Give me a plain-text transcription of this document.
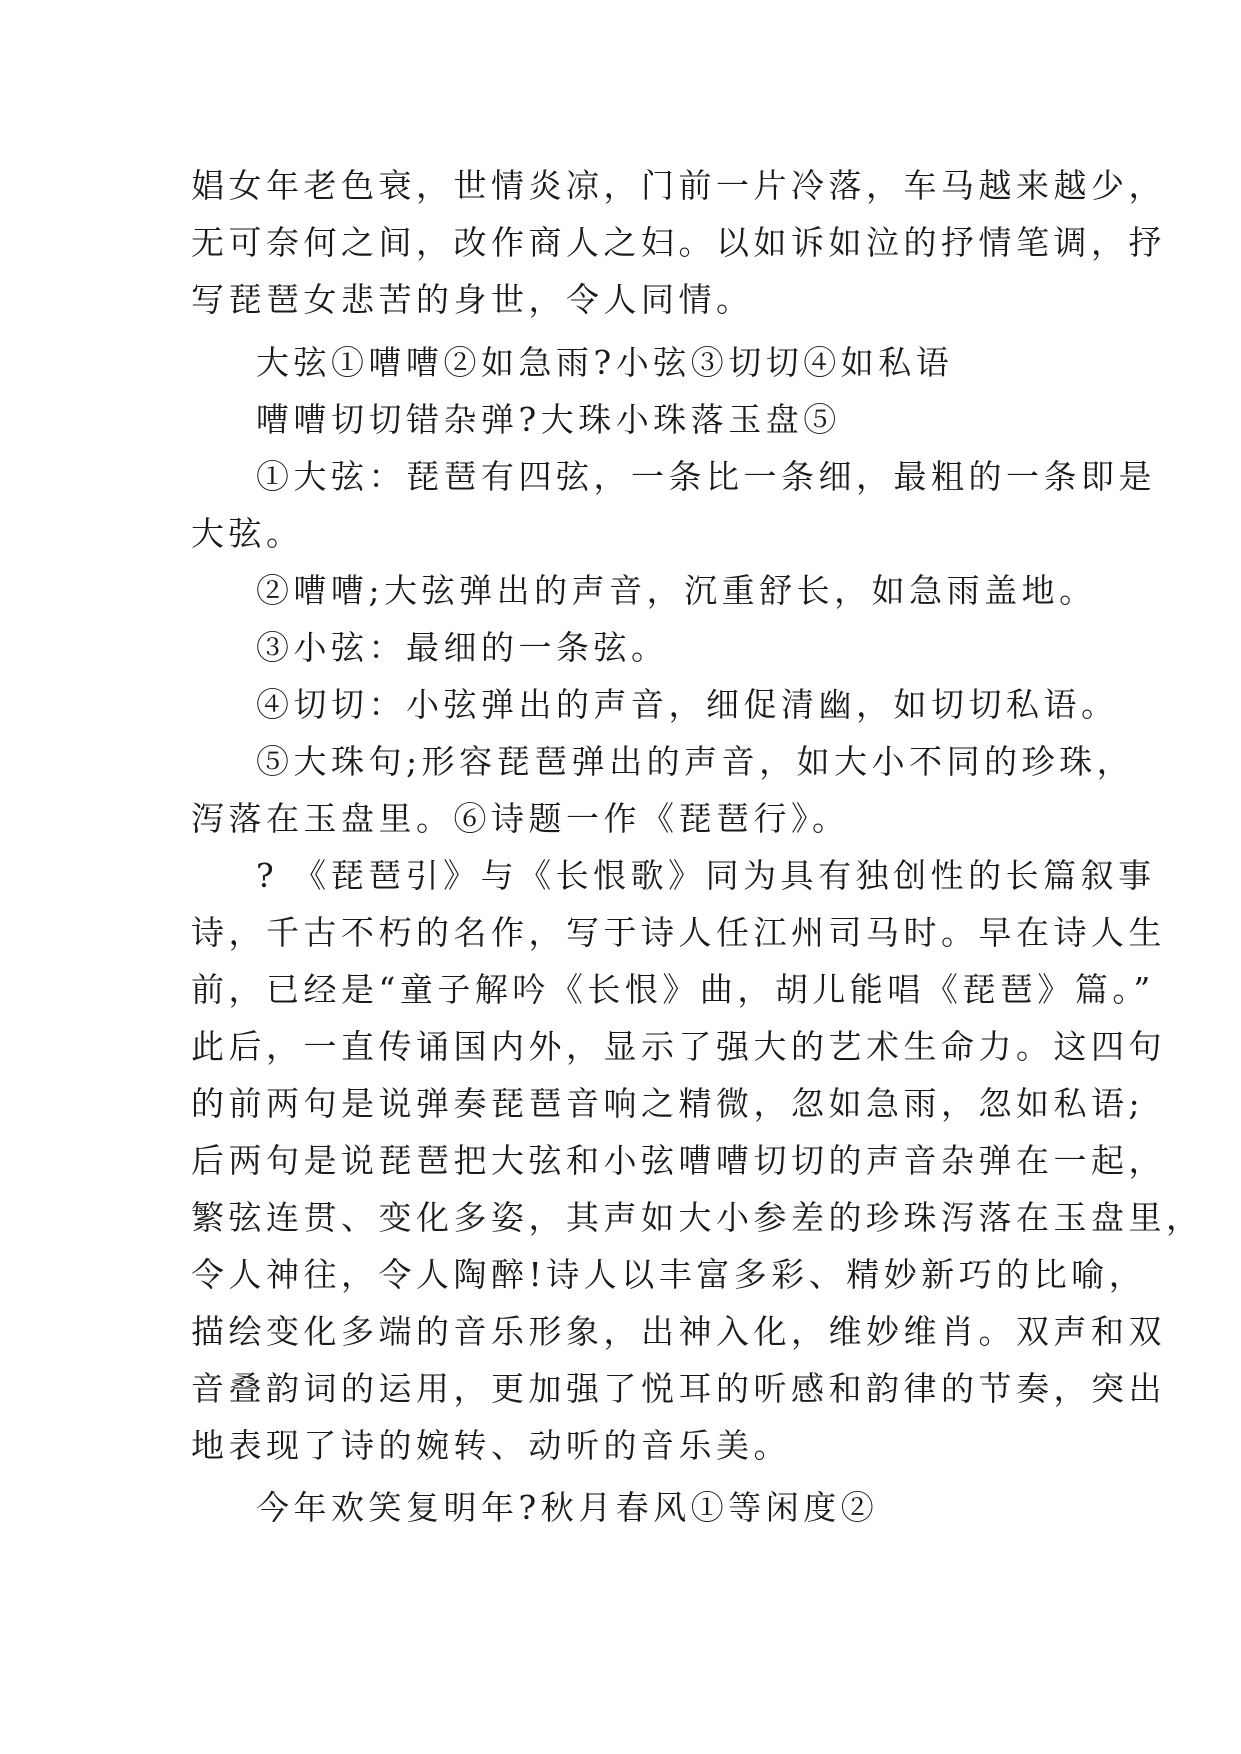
娼女年老色衰，世情炎凉，门前一片冷落，车马越来越少，
无可奈何之间，改作商人之妇。以如诉如泣的抒情笔调，抒
写琵琶女悲苦的身世，令人同情。
大弦①嘈嘈②如急雨?小弦③切切④如私语
嘈嘈切切错杂弹?大珠小珠落玉盘⑤
①大弦：琵琶有四弦，一条比一条细，最粗的一条即是
大弦。
②嘈嘈;大弦弹出的声音，沉重舒长，如急雨盖地。
③小弦：最细的一条弦。
④切切：小弦弹出的声音，细促清幽，如切切私语。
⑤大珠句;形容琵琶弹出的声音，如大小不同的珍珠，
泻落在玉盘里。⑥诗题一作《琵琶行》。
? 《琵琶引》与《长恨歌》同为具有独创性的长篇叙事
诗，千古不朽的名作，写于诗人任江州司马时。早在诗人生
前，已经是“童子解吟《长恨》曲，胡儿能唱《琵琶》篇。”
此后，一直传诵国内外，显示了强大的艺术生命力。这四句
的前两句是说弹奏琵琶音响之精微，忽如急雨，忽如私语;
后两句是说琵琶把大弦和小弦嘈嘈切切的声音杂弹在一起，
繁弦连贯、变化多姿，其声如大小参差的珍珠泻落在玉盘里，
令人神往，令人陶醉!诗人以丰富多彩、精妙新巧的比喻，
描绘变化多端的音乐形象，出神入化，维妙维肖。双声和双
音叠韵词的运用，更加强了悦耳的听感和韵律的节奏，突出
地表现了诗的婉转、动听的音乐美。
今年欢笑复明年?秋月春风①等闲度②
